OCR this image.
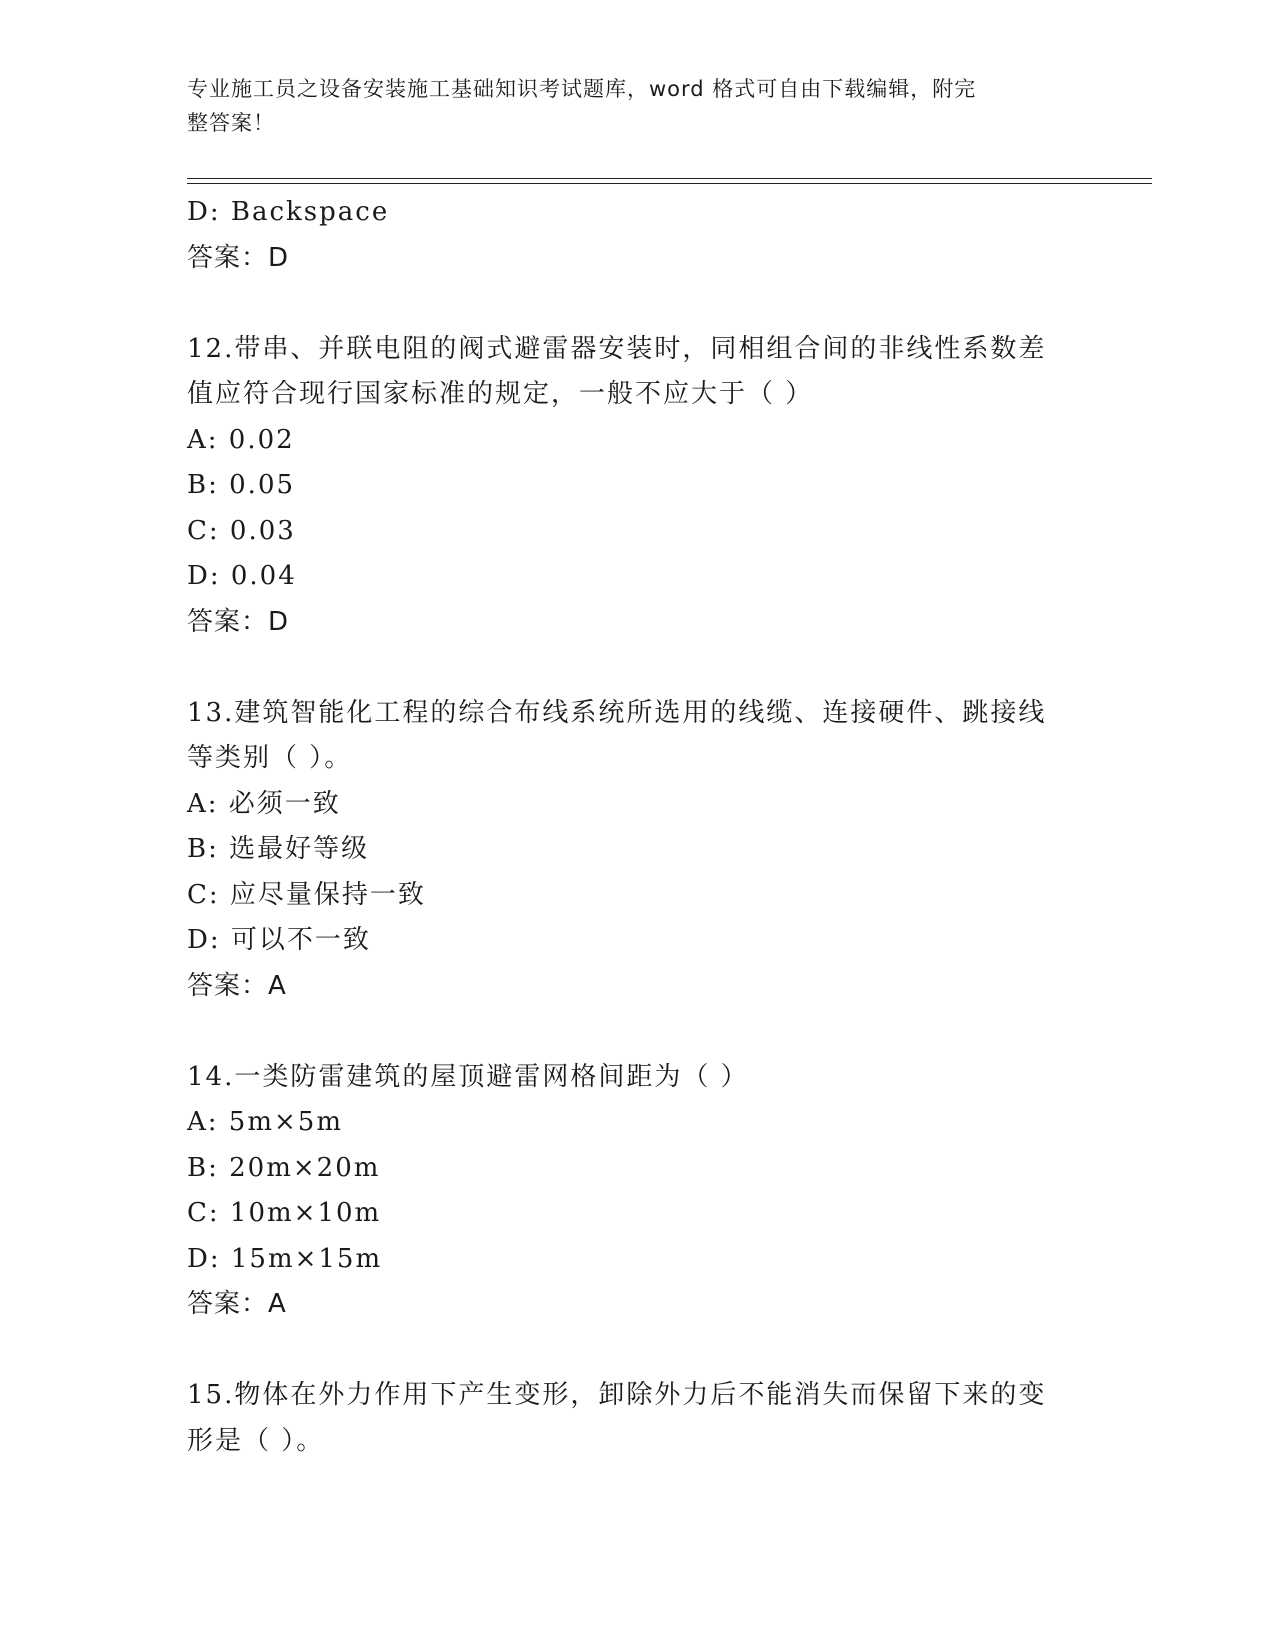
专业施工员之设备安装施工基础知识考试题库，word 格式可自由下载编辑，附完
整答案！
D: Backspace
答案：D
12.带串、并联电阻的阀式避雷器安装时，同相组合间的非线性系数差
值应符合现行国家标准的规定，一般不应大于（ ）
A: 0.02
B: 0.05
C: 0.03
D: 0.04
答案：D
13.建筑智能化工程的综合布线系统所选用的线缆、连接硬件、跳接线
等类别（ ）。
A: 必须一致
B: 选最好等级
C: 应尽量保持一致
D: 可以不一致
答案：A
14.一类防雷建筑的屋顶避雷网格间距为（ ）
A: 5m×5m
B: 20m×20m
C: 10m×10m
D: 15m×15m
答案：A
15.物体在外力作用下产生变形，卸除外力后不能消失而保留下来的变
形是（ ）。
